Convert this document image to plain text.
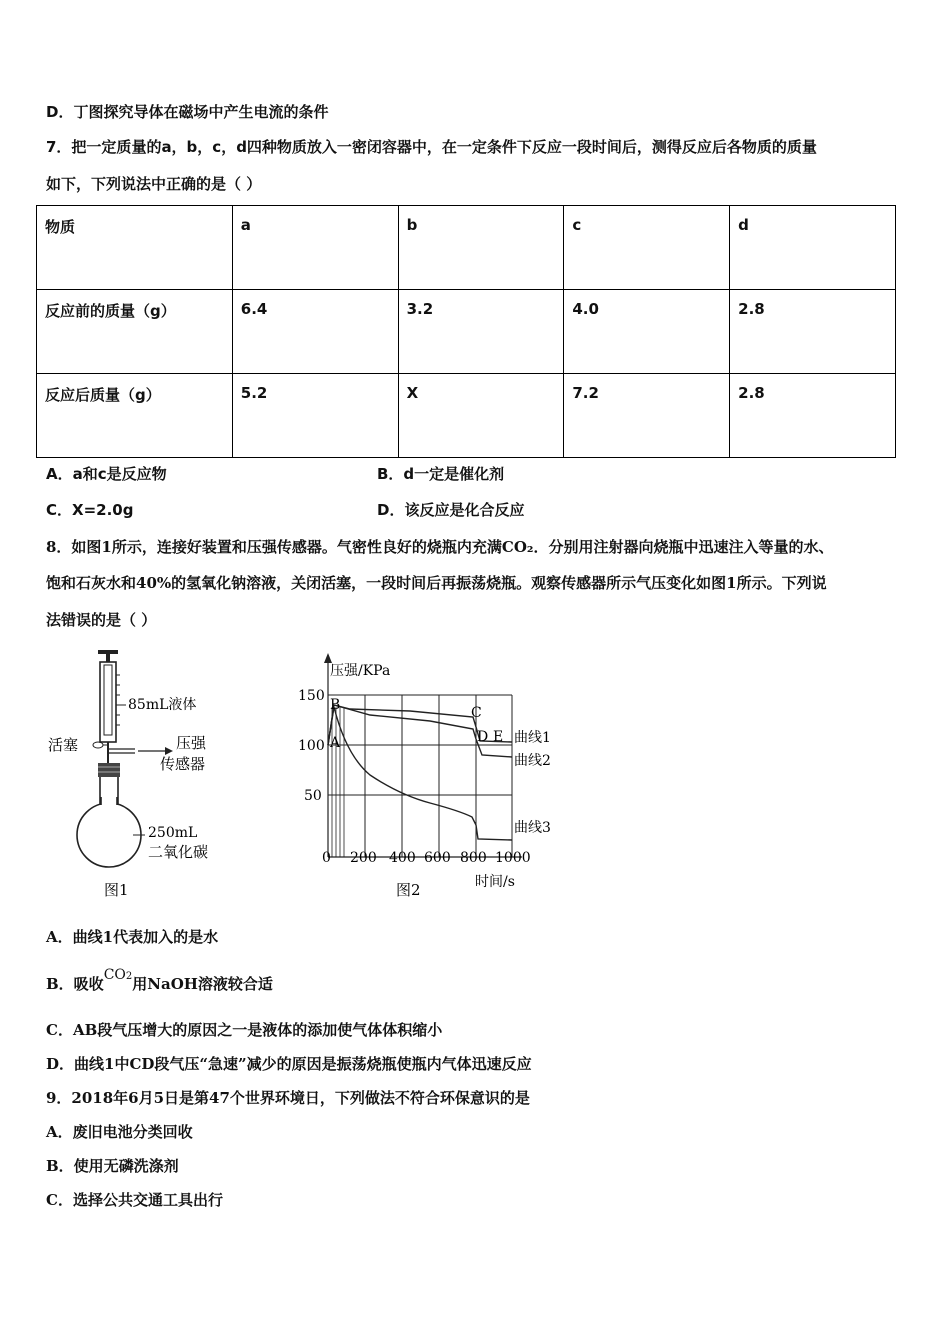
D．丁图探究导体在磁场中产生电流的条件
7．把一定质量的a，b，c，d四种物质放入一密闭容器中，在一定条件下反应一段时间后，测得反应后各物质的质量
如下，下列说法中正确的是（ ）
物质	a	b	c	d
反应前的质量（g）	6.4	3.2	4.0	2.8
反应后质量（g）	5.2	X	7.2	2.8
A．a和c是反应物	B．d一定是催化剂
C．X=2.0g	D．该反应是化合反应
8．如图1所示，连接好装置和压强传感器。气密性良好的烧瓶内充满CO₂．分别用注射器向烧瓶中迅速注入等量的水、
饱和石灰水和40%的氢氧化钠溶液，关闭活塞，一段时间后再振荡烧瓶。观察传感器所示气压变化如图1所示。下列说
法错误的是（ ）
85mL液体
活塞	压强
传感器
250mL
二氧化碳
图1
150
100
50
0 200 400 600 800 1000
压强/KPa
时间/s
A
B	C
D E 曲线1
曲线2
曲线3
图2
A．曲线1代表加入的是水
B．吸收CO2用NaOH溶液较合适
C．AB段气压增大的原因之一是液体的添加使气体体积缩小
D．曲线1中CD段气压“急速”减少的原因是振荡烧瓶使瓶内气体迅速反应
9．2018年6月5日是第47个世界环境日，下列做法不符合环保意识的是
A．废旧电池分类回收
B．使用无磷洗涤剂
C．选择公共交通工具出行
